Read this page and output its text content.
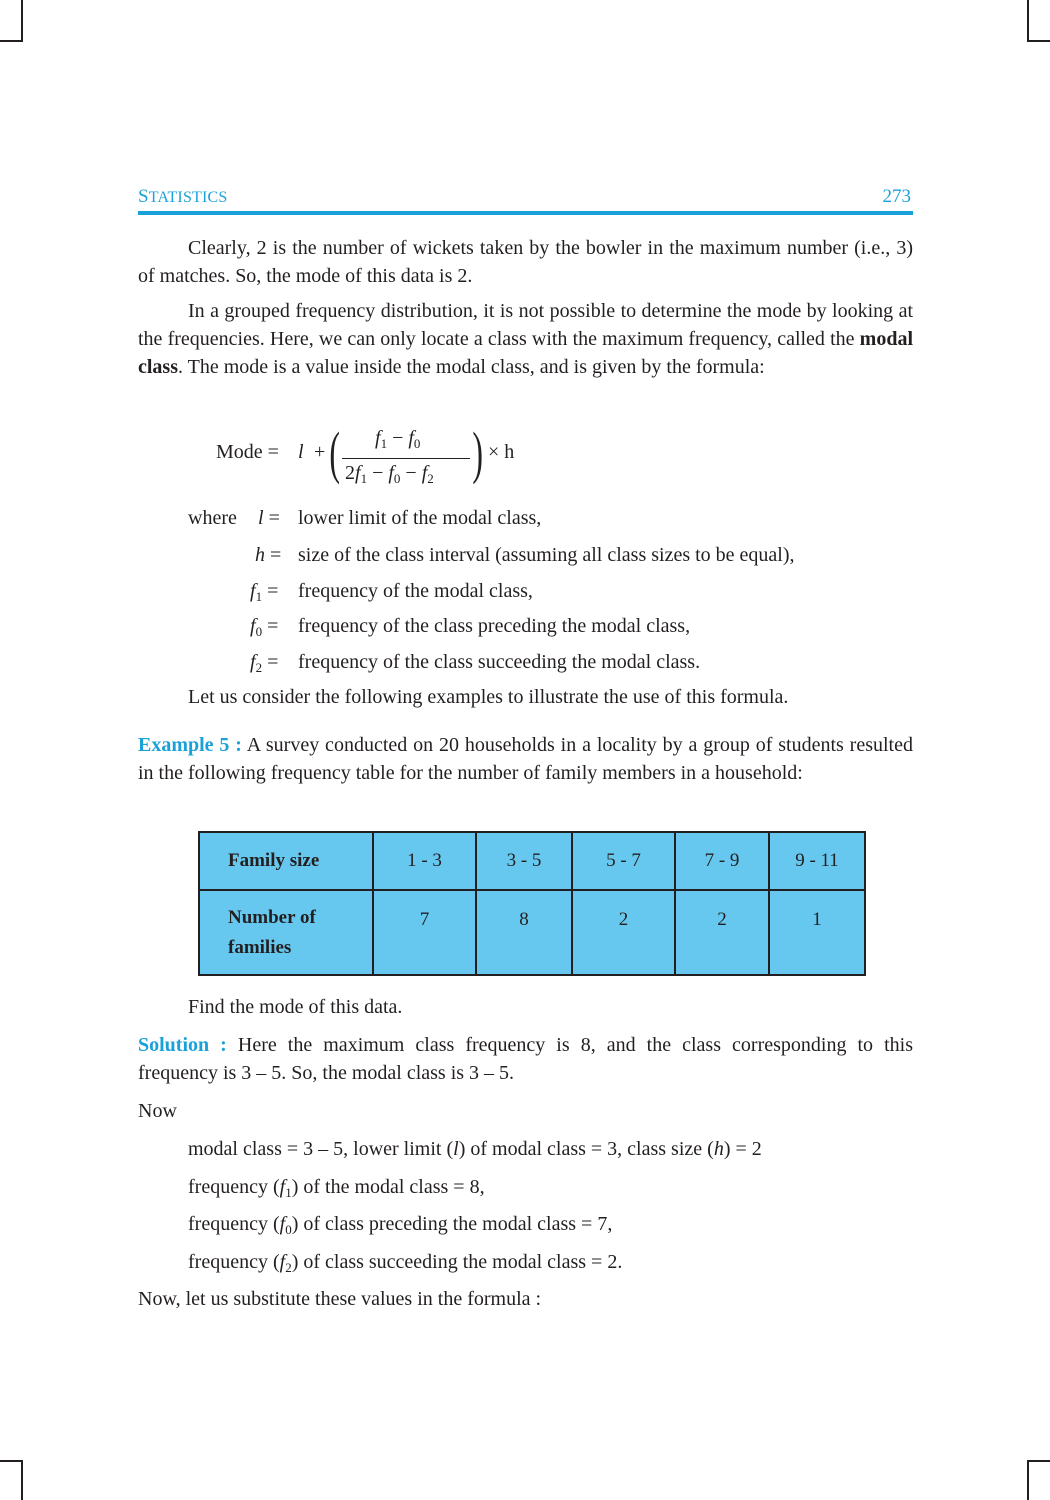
STATISTICS	273

Clearly, 2 is the number of wickets taken by the bowler in the maximum number (i.e., 3) of matches. So, the mode of this data is 2.

In a grouped frequency distribution, it is not possible to determine the mode by looking at the frequencies. Here, we can only locate a class with the maximum frequency, called the modal class. The mode is a value inside the modal class, and is given by the formula:

Mode = l + ( $f_1 - f_0$
$2f_1 - f_0 - f_2$ ) × h
where l = lower limit of the modal class,
h = size of the class interval (assuming all class sizes to be equal),
$f_1$ = frequency of the modal class,
$f_0$ = frequency of the class preceding the modal class,
$f_2$ = frequency of the class succeeding the modal class.
Let us consider the following examples to illustrate the use of this formula.

Example 5 : A survey conducted on 20 households in a locality by a group of students resulted in the following frequency table for the number of family members in a household:

Family size	1 - 3	3 - 5	5 - 7	7 - 9	9 - 11
Number of
families	7	8	2	2	1
Find the mode of this data.

Solution : Here the maximum class frequency is 8, and the class corresponding to this frequency is 3 – 5. So, the modal class is 3 – 5.

Now
modal class = 3 – 5, lower limit (l) of modal class = 3, class size (h) = 2
frequency $(f_1)$ of the modal class = 8,
frequency $(f_0)$ of class preceding the modal class = 7,
frequency $(f_2)$ of class succeeding the modal class = 2.
Now, let us substitute these values in the formula :
